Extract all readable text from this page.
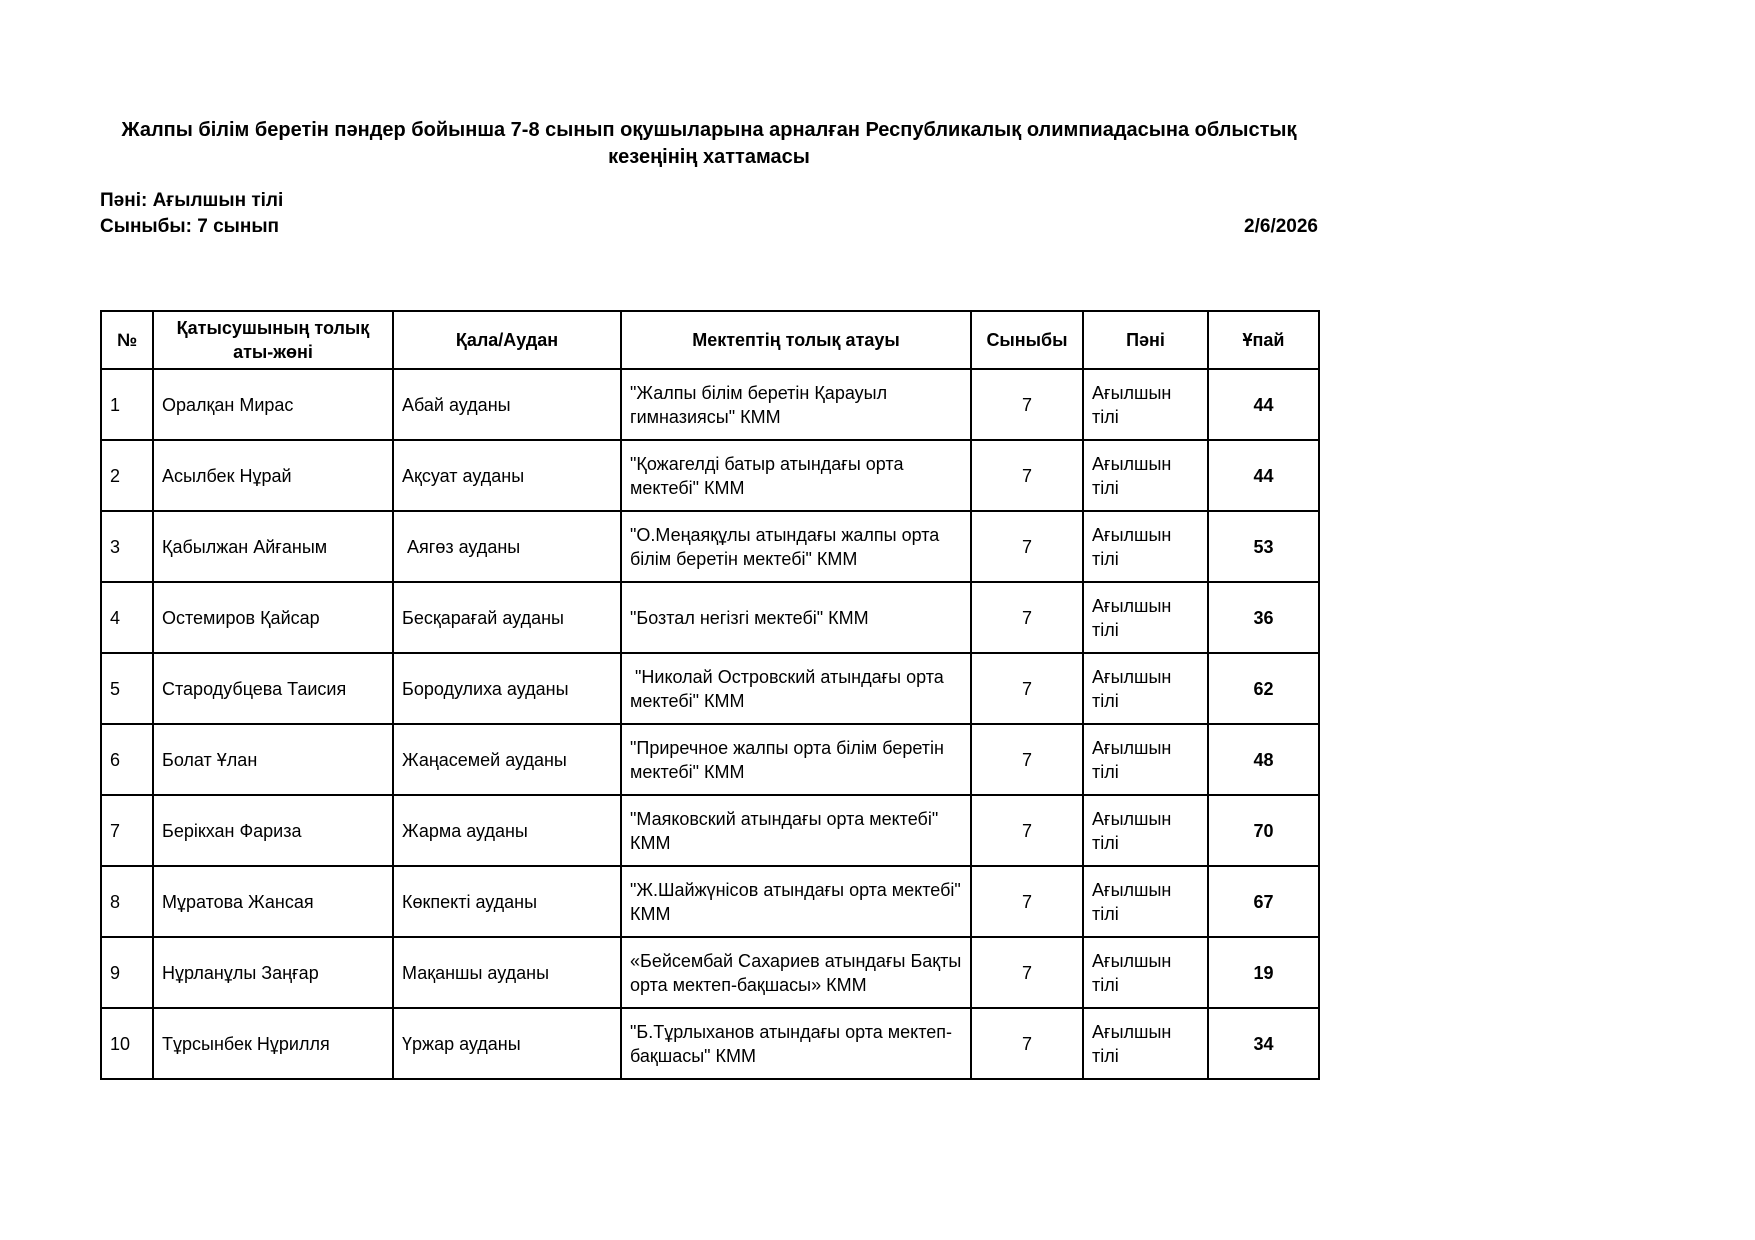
Жалпы білім беретін пәндер бойынша 7-8 сынып оқушыларына арналған Республикалық олимпиадасына облыстық кезеңінің хаттамасы
Пәні: Ағылшын тілі
Сыныбы: 7 сынып	2/6/2026
№	Қатысушының толық аты-жөні	Қала/Аудан	Мектептің толық атауы	Сыныбы	Пәні	Ұпай
1	Оралқан Мирас	Абай ауданы	"Жалпы білім беретін Қарауыл гимназиясы" КММ	7	Ағылшын тілі	44
2	Асылбек Нұрай	Ақсуат ауданы	"Қожагелді батыр атындағы орта мектебі" КММ	7	Ағылшын тілі	44
3	Қабылжан Айғаным	Аягөз ауданы	"О.Меңаяқұлы атындағы жалпы орта білім беретін мектебі" КММ	7	Ағылшын тілі	53
4	Остемиров Қайсар	Бесқарағай ауданы	"Бозтал негізгі мектебі" КММ	7	Ағылшын тілі	36
5	Стародубцева Таисия	Бородулиха ауданы	"Николай Островский атындағы орта мектебі" КММ	7	Ағылшын тілі	62
6	Болат Ұлан	Жаңасемей ауданы	"Приречное жалпы орта білім беретін мектебі" КММ	7	Ағылшын тілі	48
7	Берікхан Фариза	Жарма ауданы	"Маяковский атындағы орта мектебі" КММ	7	Ағылшын тілі	70
8	Мұратова Жансая	Көкпекті ауданы	"Ж.Шайжүнісов атындағы орта мектебі" КММ	7	Ағылшын тілі	67
9	Нұрланұлы Заңғар	Мақаншы ауданы	«Бейсембай Сахариев атындағы Бақты орта мектеп-бақшасы» КММ	7	Ағылшын тілі	19
10	Тұрсынбек Нұрилля	Үржар ауданы	"Б.Тұрлыханов атындағы орта мектеп-бақшасы" КММ	7	Ағылшын тілі	34
